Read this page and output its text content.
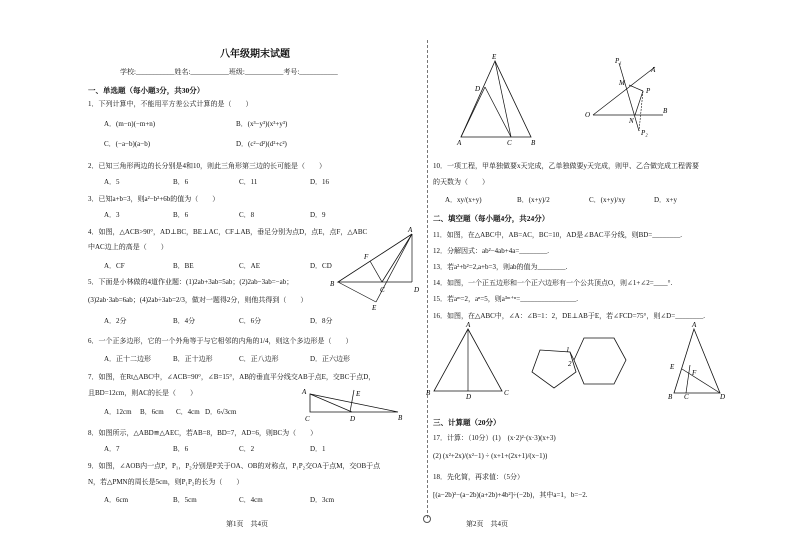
八年级期末试题
学校:___________姓名:___________班级:___________考号:___________
一、单选题（每小题3分，共30分）
1．下列计算中，不能用平方差公式计算的是（　　）
A．(m−n)(−m+n)	B．(x³−y³)(x³+y³)
C．(−a−b)(a−b)	D．(c²−d²)(d²+c²)
2．已知三角形两边的长分别是4和10，则此三角形第三边的长可能是（　　）
A．5	B．6	C．11	D．16
3．已知a+b=3，则a²−b²+6b的值为（　　）
A．3	B．6	C．8	D．9
4．如图，△ACB>90°，AD⊥BC，BE⊥AC，CF⊥AB，垂足分别为点D，点E，点F，△ABC
中AC边上的高是（　　）
A．CF	B．BE	C．AE	D．CD
5．下面是小林做的4道作业题：(1)2ab+3ab=5ab；(2)2ab−3ab=−ab；
(3)2ab·3ab=6ab；(4)2ab÷3ab=2/3，做对一题得2分，则他共得到（　　）
A．2分	B．4分	C．6分	D．8分
6．一个正多边形，它的一个外角等于与它相邻的内角的1/4，则这个多边形是（　　）
A．正十二边形	B．正十边形	C．正八边形	D．正六边形
7．如图，在Rt△ABC中，∠ACB=90°，∠B=15°，AB的垂直平分线交AB于点E，交BC于点D，
且BD=12cm，则AC的长是（　　）
A．12cm B．6cm C．4cm D．6√3cm
8．如图所示，△ABD≌△AEC，若AB=8，BD=7，AD=6，则BC为（　　）
A．7	B．6	C．2	D．1
9．如图，∠AOB内一点P，P₁，P₂分别是P关于OA、OB的对称点，P₁P₂交OA于点M，交OB于点
N，若△PMN的周长是5cm，则P₁P₂的长为（　　）
A．6cm	B．5cm	C．4cm	D．3cm
第1页　共4页
A
B
C	D
E
F
A
C	D
E
B
E
D
A	C	B
P₁
A
M
P
O
N
B
P₂
10．一项工程，甲单独做要x天完成，乙单独做要y天完成，则甲、乙合做完成工程需要
的天数为（　　）
A．xy/(x+y)	B．(x+y)/2	C．(x+y)/xy	D．x+y
二、填空题（每小题4分，共24分）
11．如图，在△ABC中，AB=AC，BC=10，AD是∠BAC平分线，则BD=________.
12．分解因式：ab²−4ab+4a=________.
13．若a²+b²=2,a+b=3，则ab的值为________.
14．如图，一个正五边形和一个正六边形有一个公共顶点O，则∠1+∠2=____°.
15．若aᵐ=2，aⁿ=5，则a³ᵐ⁺ⁿ=________________.
16．如图，在△ABC中，∠A：∠B=1：2，DE⊥AB于E，若∠FCD=75°，则∠D=________.
A
B	D	C
1
2
A
E
F
B C	D
三、计算题（20分）
17．计算：（10分）(1)　(x·2)²·(x·3)(x+3)
(2) (x²+2x)/(x²−1) ÷ (x+1+(2x+1)/(x−1))
18．先化简，再求值：（5分）
[(a−2b)²−(a−2b)(a+2b)+4b²]÷(−2b)，其中a=1，b=−2.
第2页　共4页
